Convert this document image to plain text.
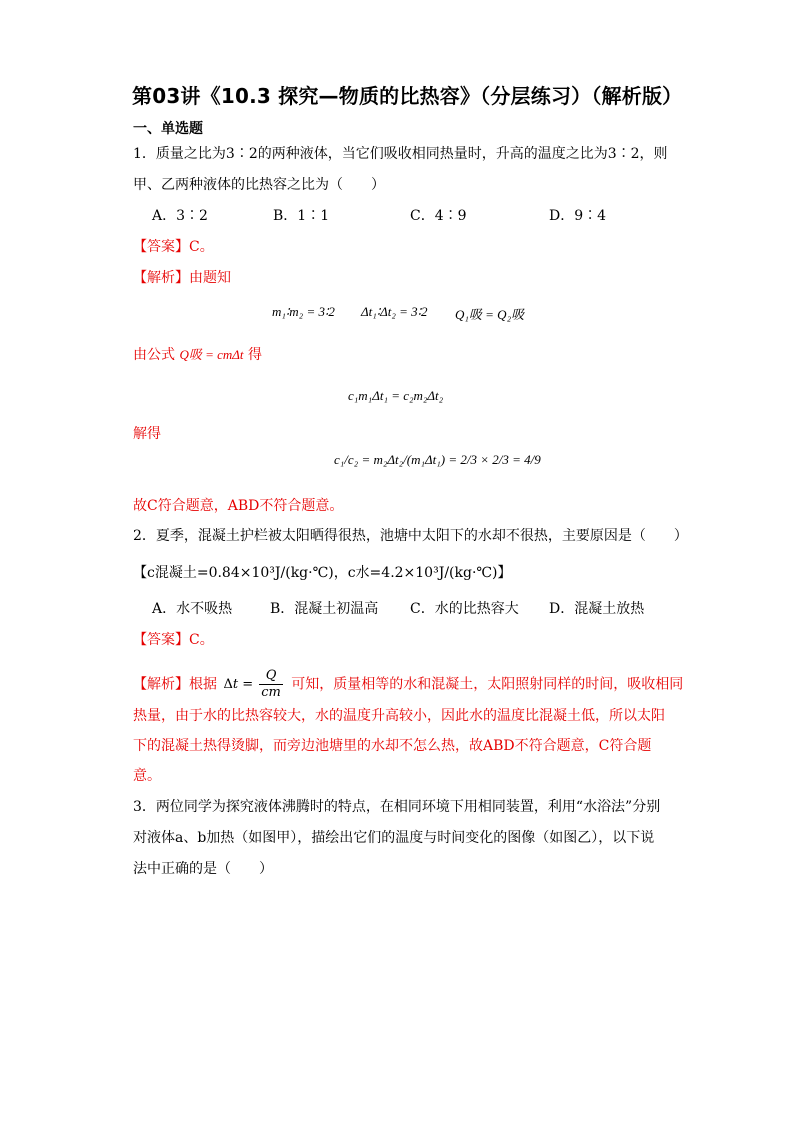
第03讲《10.3 探究—物质的比热容》（分层练习）（解析版）
一、单选题
1．质量之比为3∶2的两种液体，当它们吸收相同热量时，升高的温度之比为3∶2，则
甲、乙两种液体的比热容之比为（　　）
A．3∶2	B．1∶1	C．4∶9	D．9∶4
【答案】C。
【解析】由题知
m₁∶m₂ = 3∶2 Δt₁∶Δt₂ = 3∶2 Q₁吸 = Q₂吸
由公式 Q吸 = cmΔt 得
c₁m₁Δt₁ = c₂m₂Δt₂
解得
c₁/c₂ = m₂Δt₂/(m₁Δt₁) = 2/3 × 2/3 = 4/9
故C符合题意，ABD不符合题意。
2．夏季，混凝土护栏被太阳晒得很热，池塘中太阳下的水却不很热，主要原因是（　　）
【c混凝土=0.84×10³J/(kg·℃)，c水=4.2×10³J/(kg·℃)】
A．水不吸热	B．混凝土初温高 C．水的比热容大 D．混凝土放热
【答案】C。
【解析】根据 $\Delta t = \frac{Q}{cm}$ 可知，质量相等的水和混凝土，太阳照射同样的时间，吸收相同
热量，由于水的比热容较大，水的温度升高较小，因此水的温度比混凝土低，所以太阳
下的混凝土热得烫脚，而旁边池塘里的水却不怎么热，故ABD不符合题意，C符合题
意。
3．两位同学为探究液体沸腾时的特点，在相同环境下用相同装置，利用“水浴法”分别
对液体a、b加热（如图甲），描绘出它们的温度与时间变化的图像（如图乙），以下说
法中正确的是（　　）
